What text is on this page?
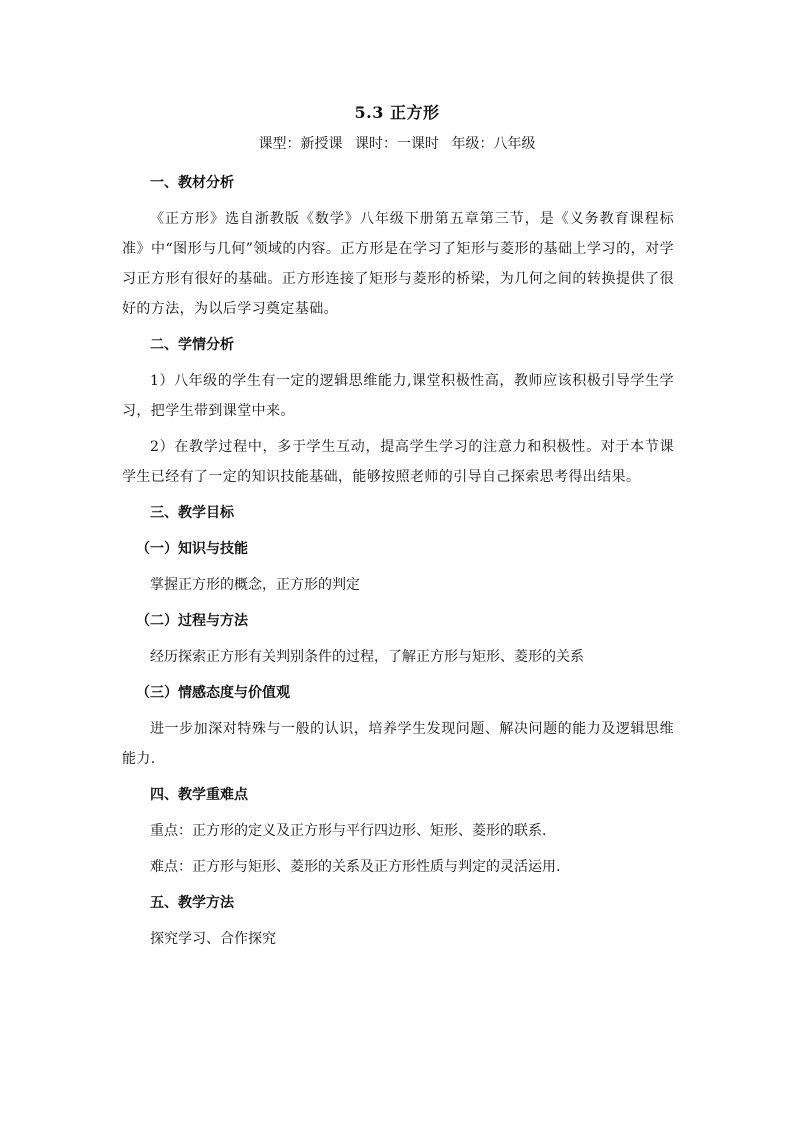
5.3 正方形
课型：新授课 课时：一课时 年级：八年级

一、教材分析

《正方形》选自浙教版《数学》八年级下册第五章第三节，是《义务教育课程标准》中“图形与几何”领域的内容。正方形是在学习了矩形与菱形的基础上学习的，对学习正方形有很好的基础。正方形连接了矩形与菱形的桥梁，为几何之间的转换提供了很好的方法，为以后学习奠定基础。

二、学情分析

1）八年级的学生有一定的逻辑思维能力,课堂积极性高，教师应该积极引导学生学习，把学生带到课堂中来。

2）在教学过程中，多于学生互动，提高学生学习的注意力和积极性。对于本节课学生已经有了一定的知识技能基础，能够按照老师的引导自己探索思考得出结果。

三、教学目标

（一）知识与技能

掌握正方形的概念，正方形的判定

（二）过程与方法

经历探索正方形有关判别条件的过程，了解正方形与矩形、菱形的关系

（三）情感态度与价值观

进一步加深对特殊与一般的认识，培养学生发现问题、解决问题的能力及逻辑思维能力.

四、教学重难点

重点：正方形的定义及正方形与平行四边形、矩形、菱形的联系.

难点：正方形与矩形、菱形的关系及正方形性质与判定的灵活运用.

五、教学方法

探究学习、合作探究
